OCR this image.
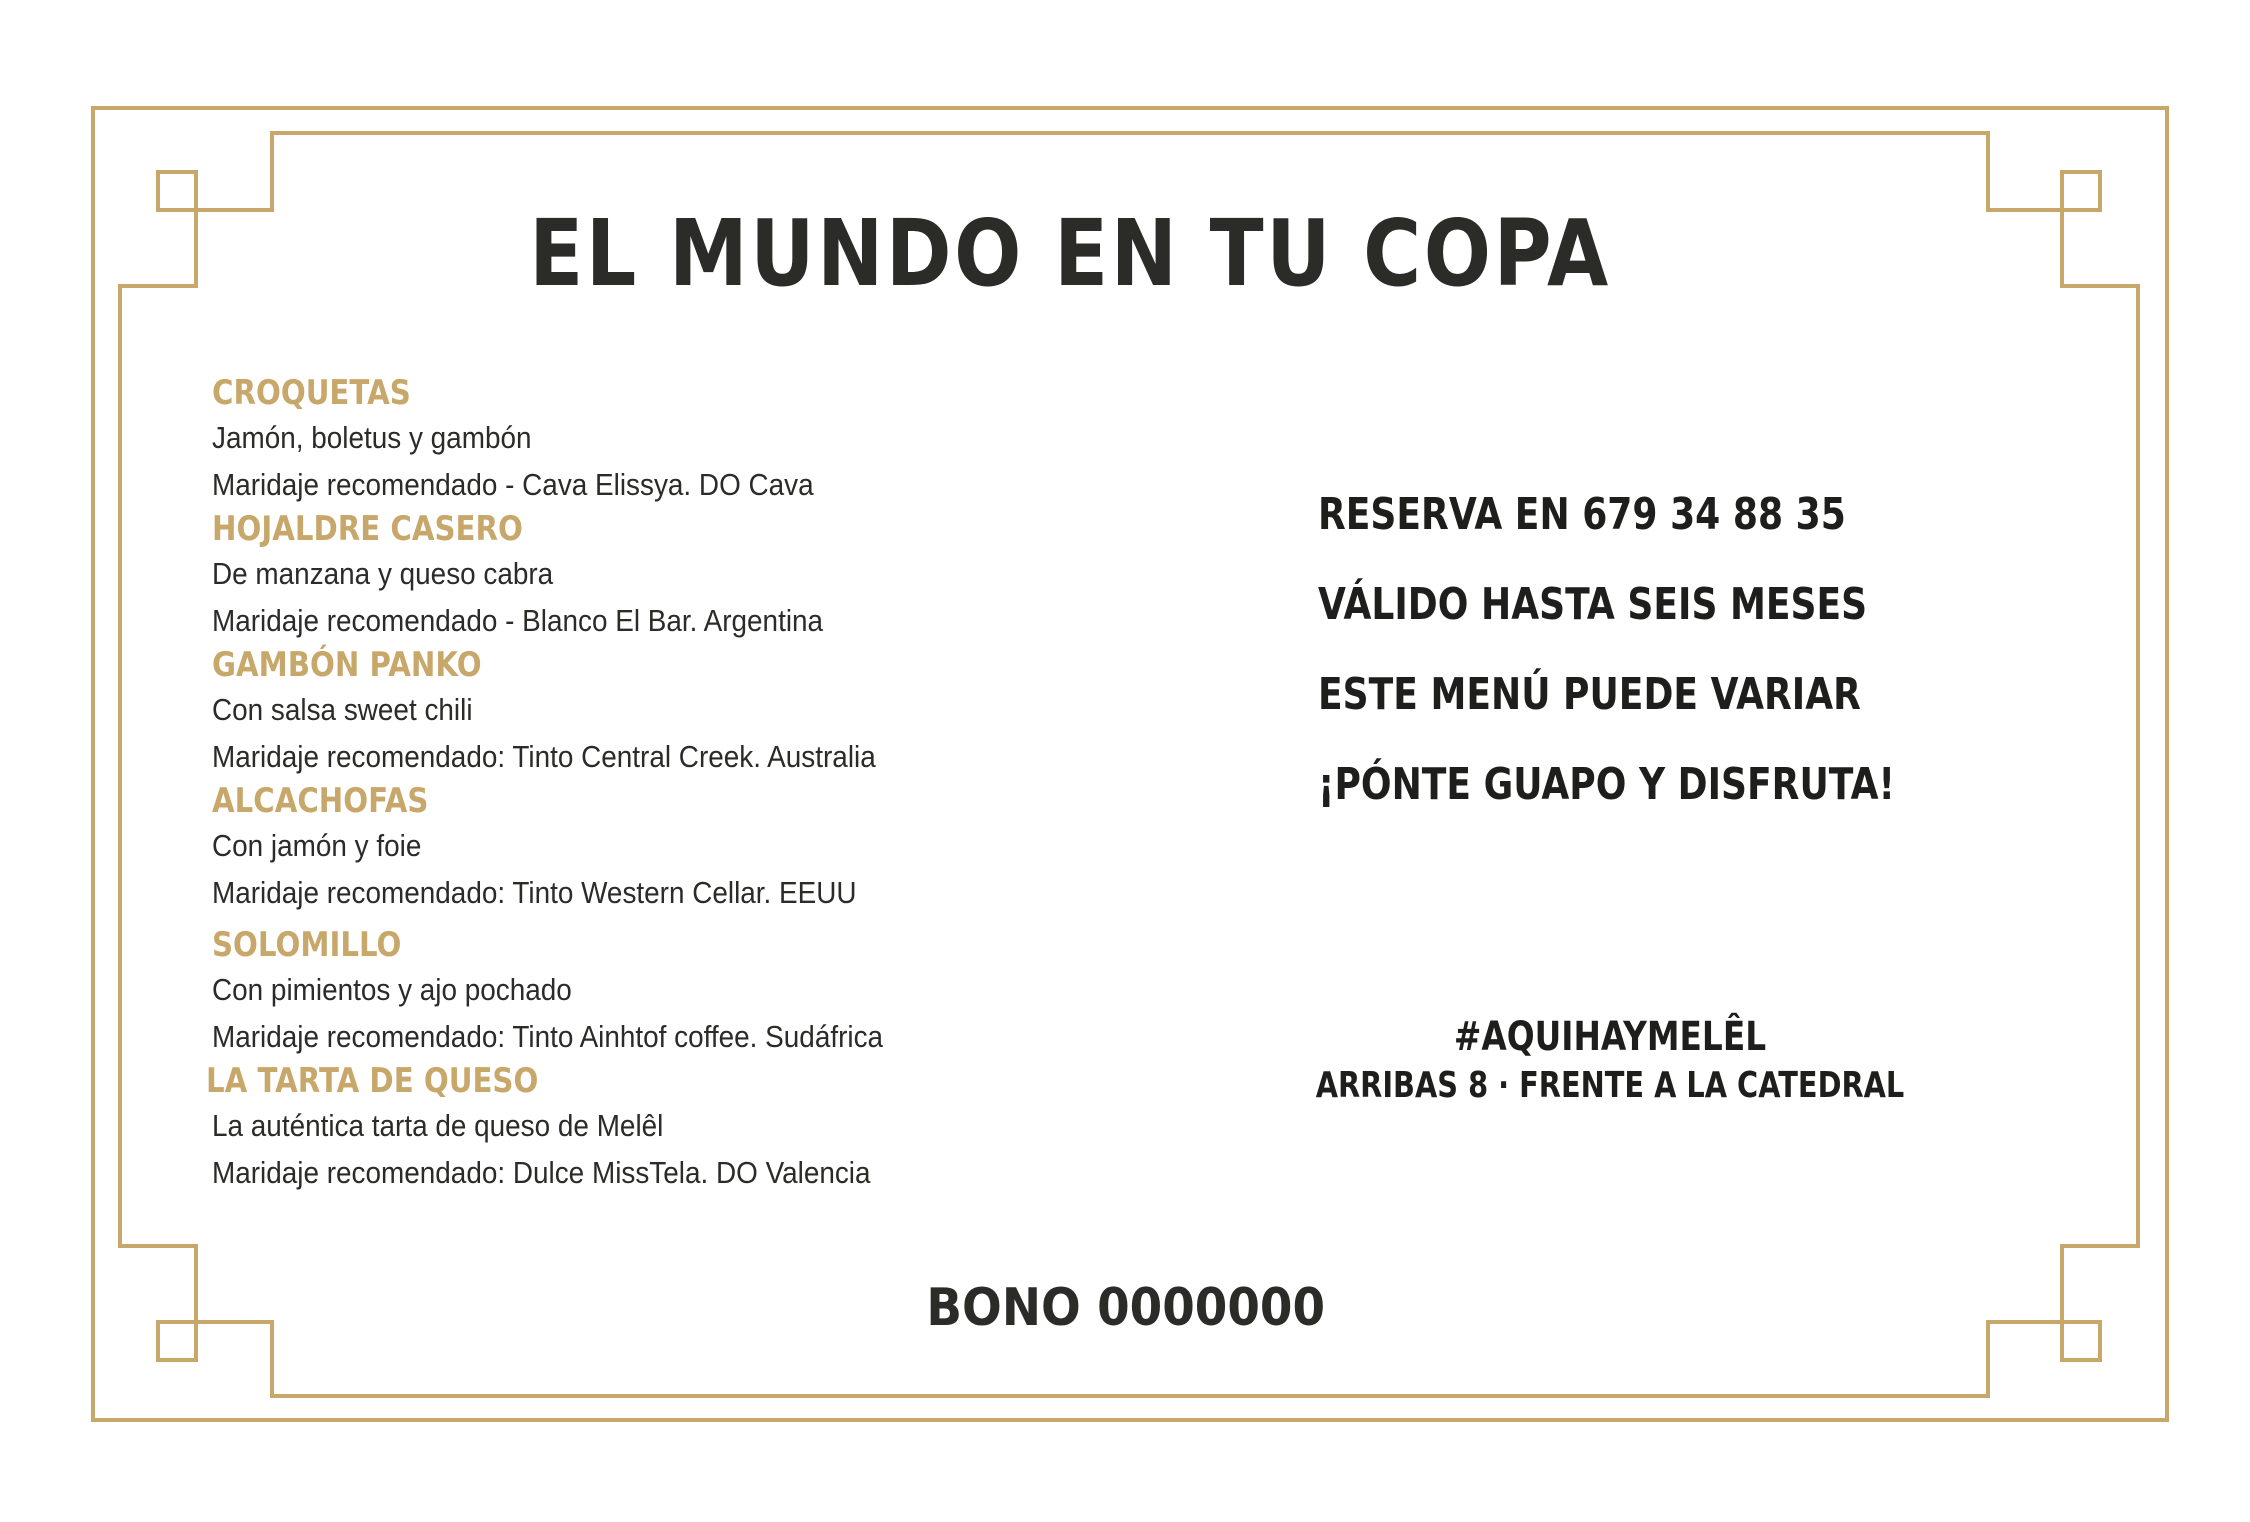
EL MUNDO EN TU COPA
CROQUETAS
Jamón, boletus y gambón
Maridaje recomendado - Cava Elissya. DO Cava
HOJALDRE CASERO
De manzana y queso cabra
Maridaje recomendado - Blanco El Bar. Argentina
GAMBÓN PANKO
Con salsa sweet chili
Maridaje recomendado: Tinto Central Creek. Australia
ALCACHOFAS
Con jamón y foie
Maridaje recomendado: Tinto Western Cellar. EEUU
SOLOMILLO
Con pimientos y ajo pochado
Maridaje recomendado: Tinto Ainhtof coffee. Sudáfrica
LA TARTA DE QUESO
La auténtica tarta de queso de Melêl
Maridaje recomendado: Dulce MissTela. DO Valencia
RESERVA EN 679 34 88 35
VÁLIDO HASTA SEIS MESES
ESTE MENÚ PUEDE VARIAR
¡PÓNTE GUAPO Y DISFRUTA!
#AQUIHAYMELÊL
ARRIBAS 8 · FRENTE A LA CATEDRAL
BONO 0000000
